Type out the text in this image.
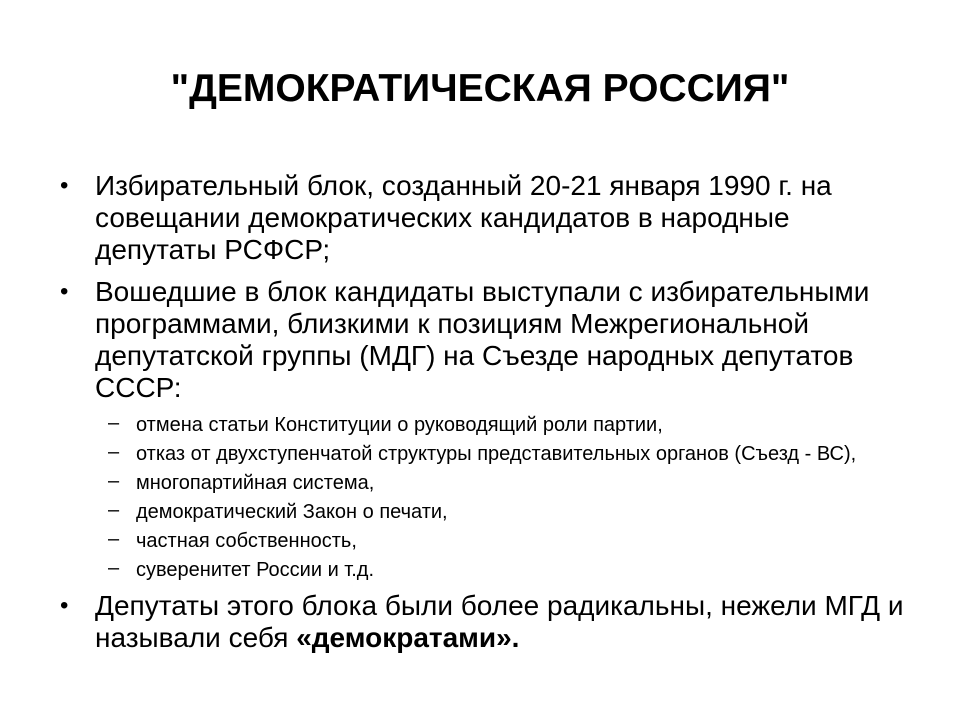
"ДЕМОКРАТИЧЕСКАЯ РОССИЯ"
• Избирательный блок, созданный 20-21 января 1990 г. на совещании демократических кандидатов в народные депутаты РСФСР;
• Вошедшие в блок кандидаты выступали с избирательными программами, близкими к позициям Межрегиональной депутатской группы (МДГ) на Съезде народных депутатов СССР:
– отмена статьи Конституции о руководящий роли партии,
– отказ от двухступенчатой структуры представительных органов (Съезд - ВС),
– многопартийная система,
– демократический Закон о печати,
– частная собственность,
– суверенитет России и т.д.
• Депутаты этого блока были более радикальны, нежели МГД и называли себя «демократами».
